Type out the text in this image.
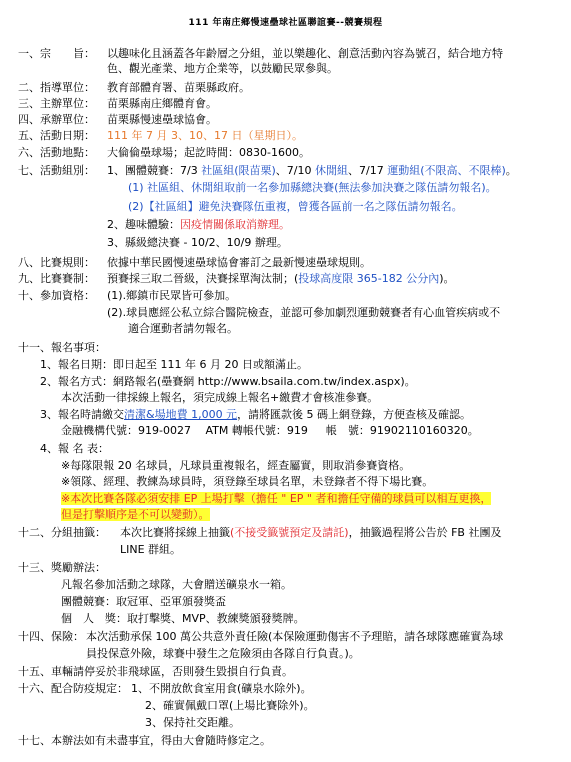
111 年南庄鄉慢速壘球社區聯誼賽--競賽規程
一、宗　　旨： 以趣味化且涵蓋各年齡層之分組，並以樂趣化、創意活動內容為號召，結合地方特
色、觀光產業、地方企業等，以鼓勵民眾參與。
二、指導單位： 教育部體育署、苗栗縣政府。
三、主辦單位： 苗栗縣南庄鄉體育會。
四、承辦單位： 苗栗縣慢速壘球協會。
五、活動日期： 111 年 7 月 3、10、17 日（星期日）。
六、活動地點： 大倫倫壘球場；起訖時間：0830-1600。
七、活動組別： 1、團體競賽：7/3 社區組(限苗栗)、7/10 休閒組、7/17 運動組(不限高、不限棒)。
(1) 社區組、休閒組取前一名參加縣總決賽(無法參加決賽之隊伍請勿報名)。
(2)【社區組】避免決賽隊伍重複，曾獲各區前一名之隊伍請勿報名。
2、趣味體驗：因疫情關係取消辦理。
3、縣級總決賽 - 10/2、10/9 辦理。
八、比賽規則： 依據中華民國慢速壘球協會審訂之最新慢速壘球規則。
九、比賽賽制： 預賽採三取二晉級，決賽採單淘汰制；(投球高度限 365-182 公分內)。
十、參加資格： (1).鄉鎮市民眾皆可參加。
(2).球員應經公私立綜合醫院檢查，並認可參加劇烈運動競賽者有心血管疾病或不
適合運動者請勿報名。
十一、報名事項：
1、報名日期：即日起至 111 年 6 月 20 日或額滿止。
2、報名方式：網路報名(壘賽網 http://www.bsaila.com.tw/index.aspx)。
本次活動一律採線上報名，須完成線上報名+繳費才會核准參賽。
3、報名時請繳交清潔&場地費 1,000 元，請將匯款後 5 碼上網登錄，方便查核及確認。
金融機構代號：919-0027　 ATM 轉帳代號：919 　 帳　號：91902110160320。
4、報 名 表：
※每隊限報 20 名球員，凡球員重複報名，經查屬實，則取消參賽資格。
※領隊、經理、教練為球員時，須登錄至球員名單，未登錄者不得下場比賽。
※本次比賽各隊必須安排 EP 上場打擊（擔任 " EP " 者和擔任守備的球員可以相互更換，
但是打擊順序是不可以變動）。
十二、分組抽籤： 本次比賽將採線上抽籤(不接受籤號預定及請託)，抽籤過程將公告於 FB 社團及
LINE 群組。
十三、獎勵辦法：
凡報名參加活動之球隊，大會贈送礦泉水一箱。
團體競賽：取冠軍、亞軍頒發獎盃
個　人　獎：取打擊獎、MVP、教練獎頒發獎牌。
十四、保險： 本次活動承保 100 萬公共意外責任險(本保險運動傷害不予理賠，請各球隊應確實為球
員投保意外險，球賽中發生之危險須由各隊自行負責。)。
十五、車輛請停妥於非飛球區，否則發生毀損自行負責。
十六、配合防疫規定： 1、不開放飲食室用食(礦泉水除外)。
2、確實佩戴口罩(上場比賽除外)。
3、保持社交距離。
十七、本辦法如有未盡事宜，得由大會隨時修定之。
